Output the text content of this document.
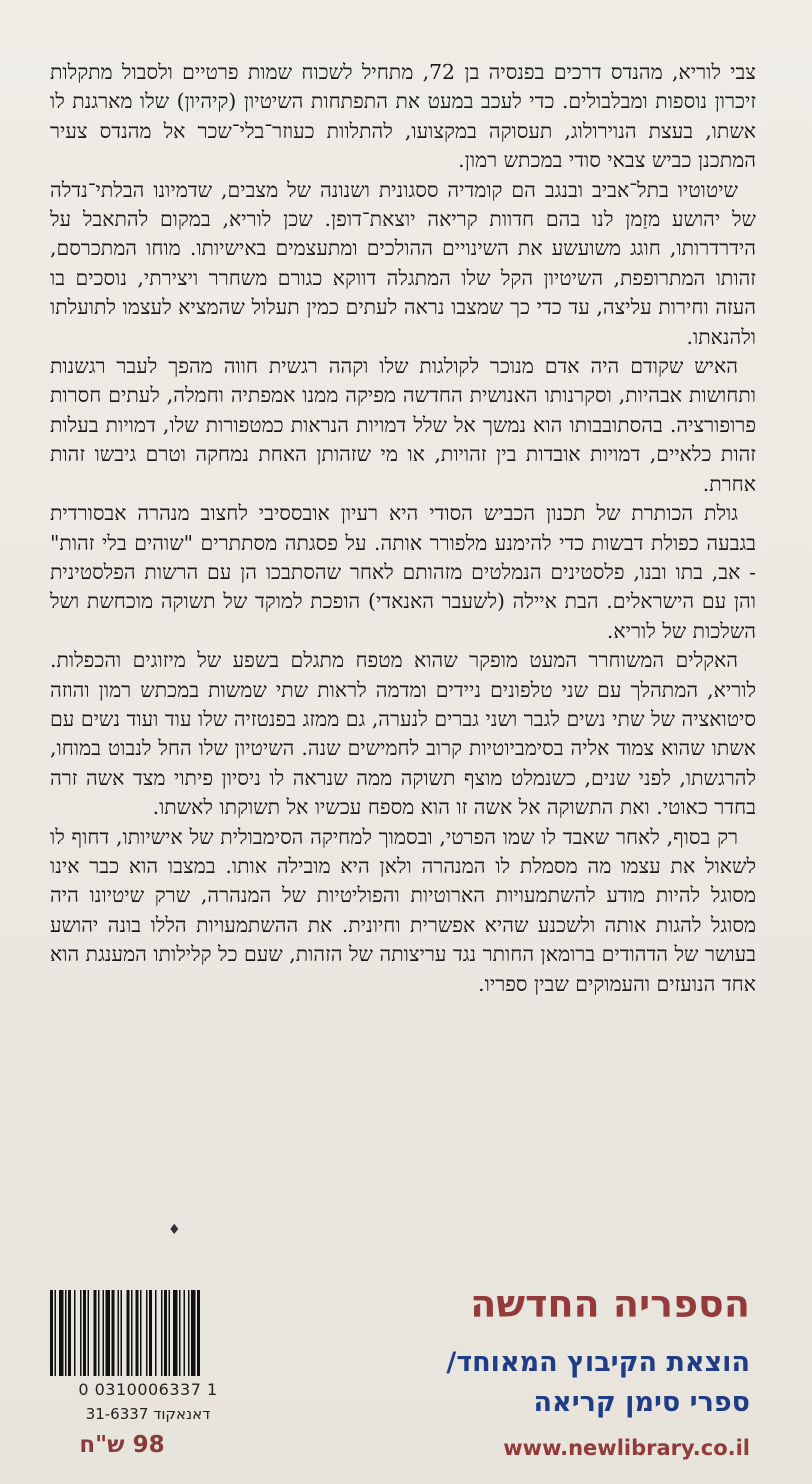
צבי לוריא, מהנדס דרכים בפנסיה בן 72, מתחיל לשכוח שמות פרטיים ולסבול מתקלות זיכרון נוספות ומבלבולים. כדי לעכב במעט את התפתחות השיטיון (קיהיון) שלו מארגנת לו אשתו, בעצת הנוירולוג, תעסוקה במקצועו, להתלוות כעוזר־בלי־שכר אל מהנדס צעיר המתכנן כביש צבאי סודי במכתש רמון.

שיטוטיו בתל־אביב ובנגב הם קומדיה ססגונית ושנונה של מצבים, שדמיונו הבלתי־נדלה של יהושע מזַמן לנו בהם חדוות קריאה יוצאת־דופן. שכן לוריא, במקום להתאבל על הידרדרותו, חוגג משועשע את השינויים ההולכים ומתעצמים באישיותו. מוחו המתכרסם, זהותו המתרופפת, השיטיון הקל שלו המתגלה דווקא כגורם משחרר ויצירתי, נוסכים בו העזה וחירות עליצה, עד כדי כך שמצבו נראה לעתים כמין תעלול שהמציא לעצמו לתועלתו ולהנאתו.

האיש שקודם היה אדם מנוכר לקולגות שלו וקהה רגשית חווה מהפך לעבר רגשנות ותחושות אבהיות, וסקרנותו האנושית החדשה מפיקה ממנו אמפתיה וחמלה, לעתים חסרות פרופורציה. בהסתובבותו הוא נמשך אל שלל דמויות הנראות כמטפורות שלו, דמויות בעלות זהות כלאיים, דמויות אובדות בין זהויות, או מי שזהותן האחת נמחקה וטרם גיבשו זהות אחרת.

גולת הכותרת של תכנון הכביש הסודי היא רעיון אובססיבי לחצוב מנהרה אבסורדית בגבעה כפולת דבשות כדי להימנע מלפורר אותה. על פסגתה מסתתרים "שוהים בלי זהות" - אב, בתו ובנו, פלסטינים הנמלטים מזהותם לאחר שהסתבכו הן עם הרשות הפלסטינית והן עם הישראלים. הבת איילה (לשעבר האנאדי) הופכת למוקד של תשוקה מוכחשת ושל השלכות של לוריא.

האקלים המשוחרר המעט מופקר שהוא מטפח מתגלם בשפע של מיזוגים והכפלות. לוריא, המתהלך עם שני טלפונים ניידים ומדמה לראות שתי שמשות במכתש רמון והוזה סיטואציה של שתי נשים לגבר ושני גברים לנערה, גם ממזג בפנטזיה שלו עוד ועוד נשים עם אשתו שהוא צמוד אליה בסימביוטיות קרוב לחמישים שנה. השיטיון שלו החל לנבוט במוחו, להרגשתו, לפני שנים, כשנמלט מוצף תשוקה ממה שנראה לו ניסיון פיתוי מצד אשה זרה בחדר כאוטי. ואת התשוקה אל אשה זו הוא מספח עכשיו אל תשוקתו לאשתו.

רק בסוף, לאחר שאבד לו שמו הפרטי, ובסמוך למחיקה הסימבולית של אישיותו, דחוף לו לשאול את עצמו מה מסמלת לו המנהרה ולאן היא מובילה אותו. במצבו הוא כבר אינו מסוגל להיות מודע להשתמעויות הארוטיות והפוליטיות של המנהרה, שרק שיטיונו היה מסוגל להגות אותה ולשכנע שהיא אפשרית וחיונית. את ההשתמעויות הללו בונה יהושע בעושר של הדהודים ברומאן החותר נגד עריצותה של הזהות, שעם כל קלילותו המענגת הוא אחד הנועזים והעמוקים שבין ספריו.

♦
0 0310006337 1
דאנאקוד 31-6337
98 ש"ח
הספריה החדשה
הוצאת הקיבוץ המאוחד/
ספרי סימן קריאה
www.newlibrary.co.il
